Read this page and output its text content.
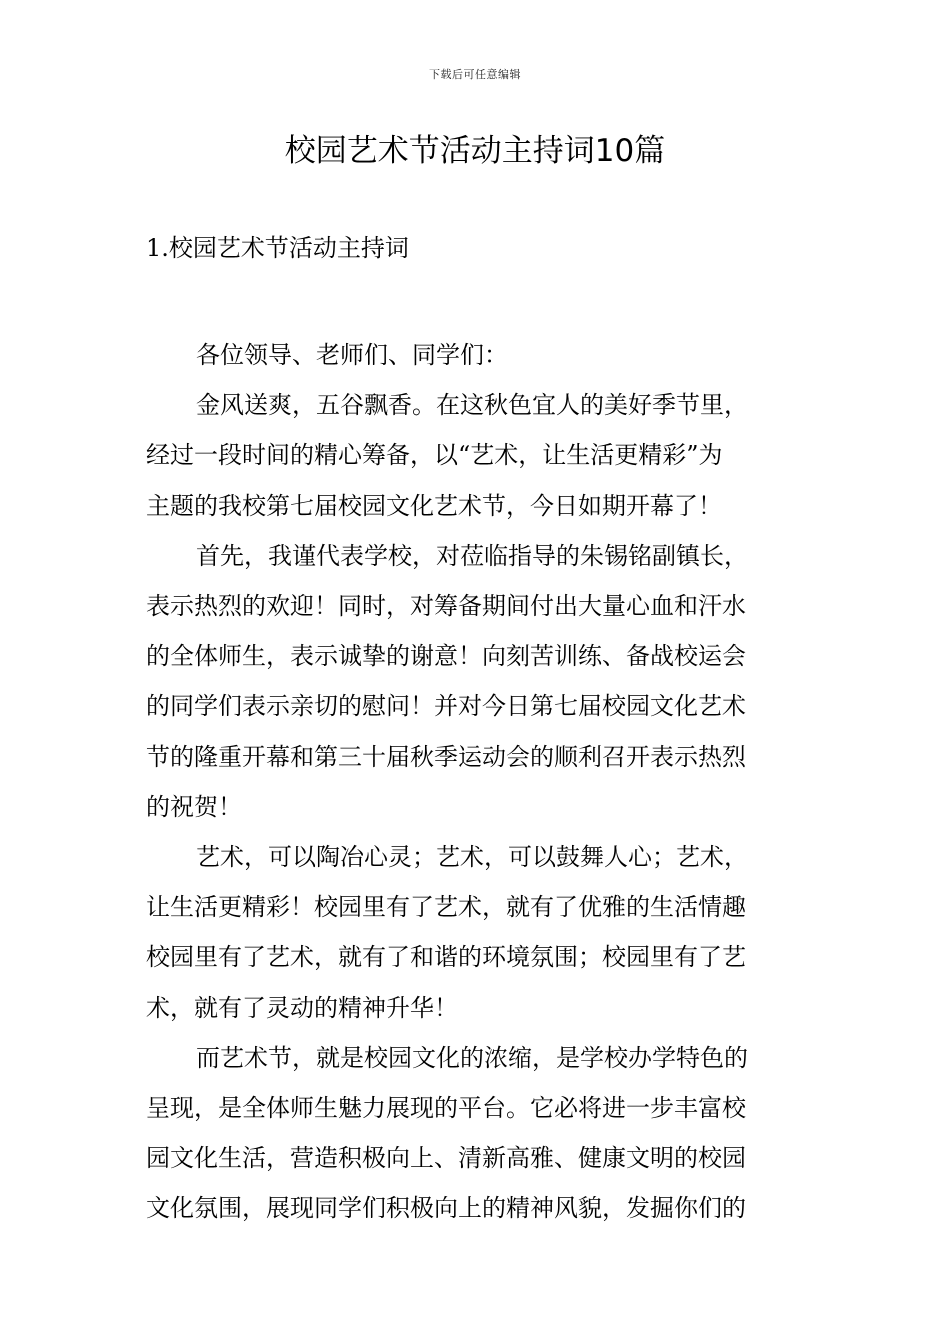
下载后可任意编辑
校园艺术节活动主持词10篇
1.校园艺术节活动主持词

各位领导、老师们、同学们：

金风送爽，五谷飘香。在这秋色宜人的美好季节里，
经过一段时间的精心筹备，以“艺术，让生活更精彩”为
主题的我校第七届校园文化艺术节，今日如期开幕了！

首先，我谨代表学校，对莅临指导的朱锡铭副镇长，
表示热烈的欢迎！同时，对筹备期间付出大量心血和汗水
的全体师生，表示诚挚的谢意！向刻苦训练、备战校运会
的同学们表示亲切的慰问！并对今日第七届校园文化艺术
节的隆重开幕和第三十届秋季运动会的顺利召开表示热烈
的祝贺！

艺术，可以陶冶心灵；艺术，可以鼓舞人心；艺术，
让生活更精彩！校园里有了艺术，就有了优雅的生活情趣
校园里有了艺术，就有了和谐的环境氛围；校园里有了艺
术，就有了灵动的精神升华！

而艺术节，就是校园文化的浓缩，是学校办学特色的
呈现，是全体师生魅力展现的平台。它必将进一步丰富校
园文化生活，营造积极向上、清新高雅、健康文明的校园
文化氛围，展现同学们积极向上的精神风貌，发掘你们的
